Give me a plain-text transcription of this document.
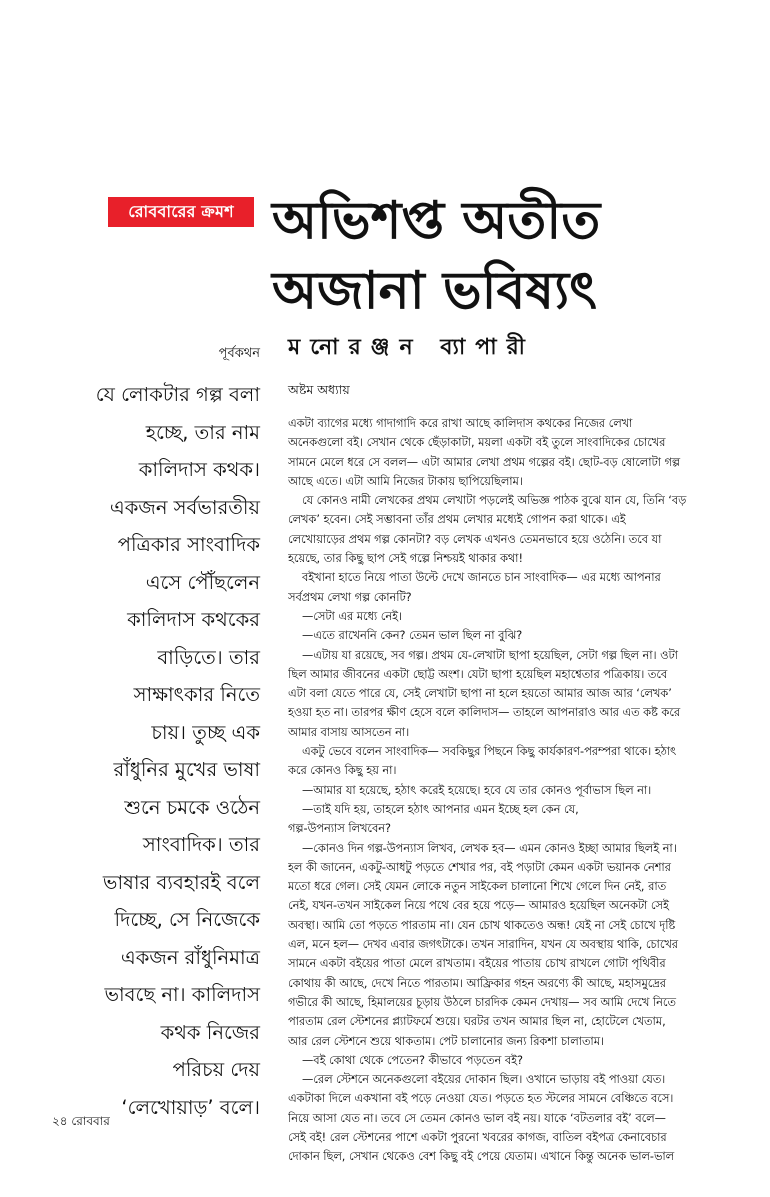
রোববারের ক্রমশ অভিশপ্ত অতীত
অজানা ভবিষ্যৎ
পূর্বকথন মনোরঞ্জন ব্যাপারী
যে লোকটার গল্প বলা
হচ্ছে, তার নাম
কালিদাস কথক।
একজন সর্বভারতীয়
পত্রিকার সাংবাদিক
এসে পৌঁছলেন
কালিদাস কথকের
বাড়িতে। তার
সাক্ষাৎকার নিতে
চায়। তুচ্ছ এক
রাঁধুনির মুখের ভাষা
শুনে চমকে ওঠেন
সাংবাদিক। তার
ভাষার ব্যবহারই বলে
দিচ্ছে, সে নিজেকে
একজন রাঁধুনিমাত্র
ভাবছে না। কালিদাস
কথক নিজের
পরিচয় দেয়
‘লেখোয়াড়’ বলে।
অষ্টম অধ্যায়
একটা ব্যাগের মধ্যে গাদাগাদি করে রাখা আছে কালিদাস কথকের নিজের লেখা
অনেকগুলো বই। সেখান থেকে ছেঁড়াকাটা, ময়লা একটা বই তুলে সাংবাদিকের চোখের
সামনে মেলে ধরে সে বলল— এটা আমার লেখা প্রথম গল্পের বই। ছোট-বড় ষোলোটা গল্প
আছে এতে। এটা আমি নিজের টাকায় ছাপিয়েছিলাম।
যে কোনও নামী লেখকের প্রথম লেখাটা পড়লেই অভিজ্ঞ পাঠক বুঝে যান যে, তিনি ‘বড়
লেখক’ হবেন। সেই সম্ভাবনা তাঁর প্রথম লেখার মধ্যেই গোপন করা থাকে। এই
লেখোয়াড়ের প্রথম গল্প কোনটা? বড় লেখক এখনও তেমনভাবে হয়ে ওঠেনি। তবে যা
হয়েছে, তার কিছু ছাপ সেই গল্পে নিশ্চয়ই থাকার কথা!
বইখানা হাতে নিয়ে পাতা উল্টে দেখে জানতে চান সাংবাদিক— এর মধ্যে আপনার
সর্বপ্রথম লেখা গল্প কোনটি?
—সেটা এর মধ্যে নেই।
—এতে রাখেননি কেন? তেমন ভাল ছিল না বুঝি?
—এটায় যা রয়েছে, সব গল্প। প্রথম যে-লেখাটা ছাপা হয়েছিল, সেটা গল্প ছিল না। ওটা
ছিল আমার জীবনের একটা ছোট্ট অংশ। যেটা ছাপা হয়েছিল মহাশ্বেতার পত্রিকায়। তবে
এটা বলা যেতে পারে যে, সেই লেখাটা ছাপা না হলে হয়তো আমার আজ আর ‘লেখক’
হওয়া হত না। তারপর ক্ষীণ হেসে বলে কালিদাস— তাহলে আপনারাও আর এত কষ্ট করে
আমার বাসায় আসতেন না।
একটু ভেবে বলেন সাংবাদিক— সবকিছুর পিছনে কিছু কার্যকারণ-পরম্পরা থাকে। হঠাৎ
করে কোনও কিছু হয় না।
—আমার যা হয়েছে, হঠাৎ করেই হয়েছে। হবে যে তার কোনও পূর্বাভাস ছিল না।
—তাই যদি হয়, তাহলে হঠাৎ আপনার এমন ইচ্ছে হল কেন যে,
গল্প-উপন্যাস লিখবেন?
—কোনও দিন গল্প-উপন্যাস লিখব, লেখক হব— এমন কোনও ইচ্ছা আমার ছিলই না।
হল কী জানেন, একটু-আধটু পড়তে শেখার পর, বই পড়াটা কেমন একটা ভয়ানক নেশার
মতো ধরে গেল। সেই যেমন লোকে নতুন সাইকেল চালানো শিখে গেলে দিন নেই, রাত
নেই, যখন-তখন সাইকেল নিয়ে পথে বের হয়ে পড়ে— আমারও হয়েছিল অনেকটা সেই
অবস্থা। আমি তো পড়তে পারতাম না। যেন চোখ থাকতেও অন্ধ! যেই না সেই চোখে দৃষ্টি
এল, মনে হল— দেখব এবার জগৎটাকে। তখন সারাদিন, যখন যে অবস্থায় থাকি, চোখের
সামনে একটা বইয়ের পাতা মেলে রাখতাম। বইয়ের পাতায় চোখ রাখলে গোটা পৃথিবীর
কোথায় কী আছে, দেখে নিতে পারতাম। আফ্রিকার গহন অরণ্যে কী আছে, মহাসমুদ্রের
গভীরে কী আছে, হিমালয়ের চূড়ায় উঠলে চারদিক কেমন দেখায়— সব আমি দেখে নিতে
পারতাম রেল স্টেশনের প্ল্যাটফর্মে শুয়ে। ঘরটর তখন আমার ছিল না, হোটেলে খেতাম,
আর রেল স্টেশনে শুয়ে থাকতাম। পেট চালানোর জন্য রিকশা চালাতাম।
—বই কোথা থেকে পেতেন? কীভাবে পড়তেন বই?
—রেল স্টেশনে অনেকগুলো বইয়ের দোকান ছিল। ওখানে ভাড়ায় বই পাওয়া যেত।
একটাকা দিলে একখানা বই পড়ে নেওয়া যেত। পড়তে হত স্টলের সামনে বেঞ্চিতে বসে।
নিয়ে আসা যেত না। তবে সে তেমন কোনও ভাল বই নয়। যাকে ‘বটতলার বই’ বলে—
সেই বই! রেল স্টেশনের পাশে একটা পুরনো খবরের কাগজ, বাতিল বইপত্র কেনাবেচার
দোকান ছিল, সেখান থেকেও বেশ কিছু বই পেয়ে যেতাম। এখানে কিন্তু অনেক ভাল-ভাল
২৪ রোববার
